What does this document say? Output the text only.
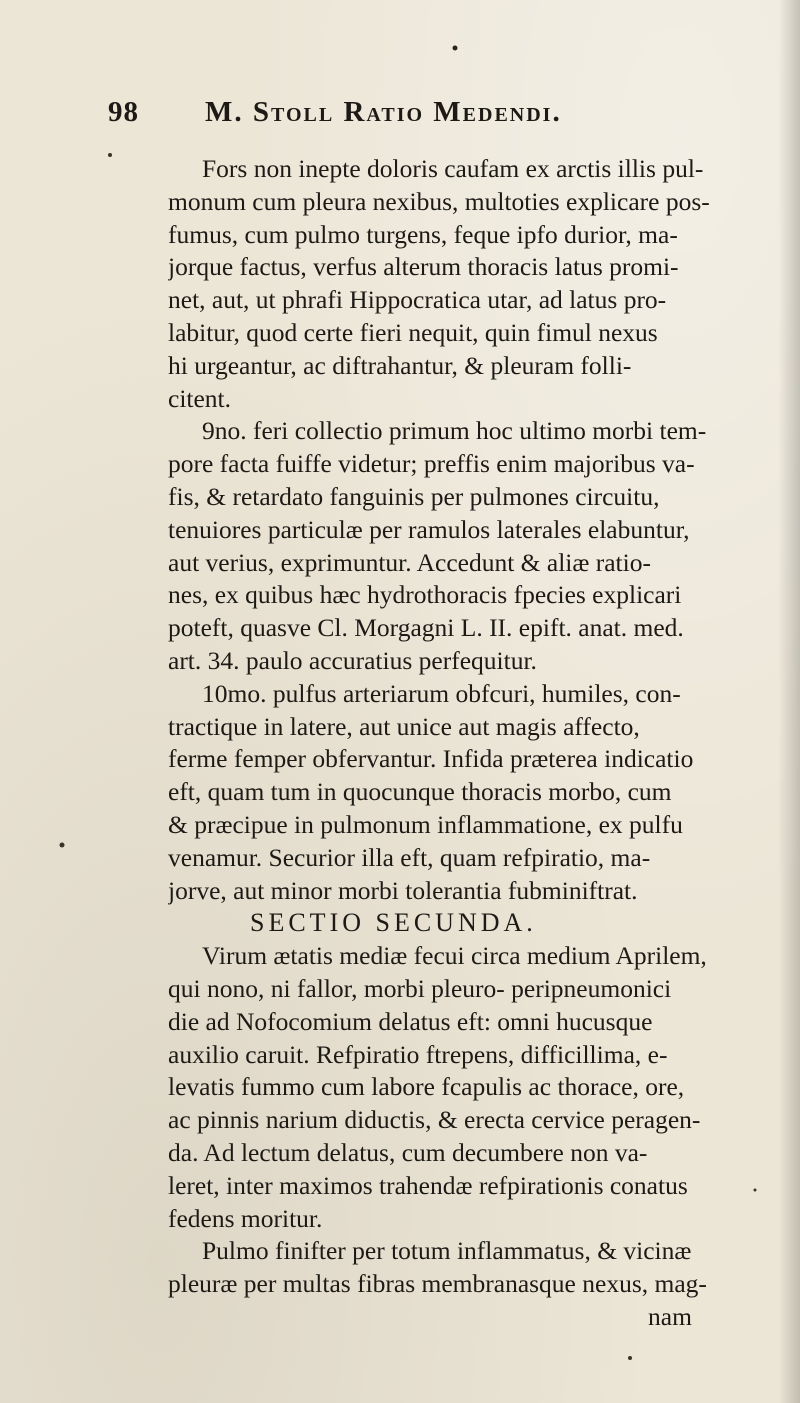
98 M. Stoll Ratio Medendi.
Fors non inepte doloris caufam ex arctis illis pul-
monum cum pleura nexibus, multoties explicare pos-
fumus, cum pulmo turgens, feque ipfo durior, ma-
jorque factus, verfus alterum thoracis latus promi-
net, aut, ut phrafi Hippocratica utar, ad latus pro-
labitur, quod certe fieri nequit, quin fimul nexus
hi urgeantur, ac diftrahantur, & pleuram folli-
citent.
9no. feri collectio primum hoc ultimo morbi tem-
pore facta fuiffe videtur; preffis enim majoribus va-
fis, & retardato fanguinis per pulmones circuitu,
tenuiores particulæ per ramulos laterales elabuntur,
aut verius, exprimuntur. Accedunt & aliæ ratio-
nes, ex quibus hæc hydrothoracis fpecies explicari
poteft, quasve Cl. Morgagni L. II. epift. anat. med.
art. 34. paulo accuratius perfequitur.
10mo. pulfus arteriarum obfcuri, humiles, con-
tractique in latere, aut unice aut magis affecto,
ferme femper obfervantur. Infida præterea indicatio
eft, quam tum in quocunque thoracis morbo, cum
& præcipue in pulmonum inflammatione, ex pulfu
venamur. Securior illa eft, quam refpiratio, ma-
jorve, aut minor morbi tolerantia fubminiftrat.
SECTIO SECUNDA.
Virum ætatis mediæ fecui circa medium Aprilem,
qui nono, ni fallor, morbi pleuro- peripneumonici
die ad Nofocomium delatus eft: omni hucusque
auxilio caruit. Refpiratio ftrepens, difficillima, e-
levatis fummo cum labore fcapulis ac thorace, ore,
ac pinnis narium diductis, & erecta cervice peragen-
da. Ad lectum delatus, cum decumbere non va-
leret, inter maximos trahendæ refpirationis conatus
fedens moritur.
Pulmo finifter per totum inflammatus, & vicinæ
pleuræ per multas fibras membranasque nexus, mag-
nam
